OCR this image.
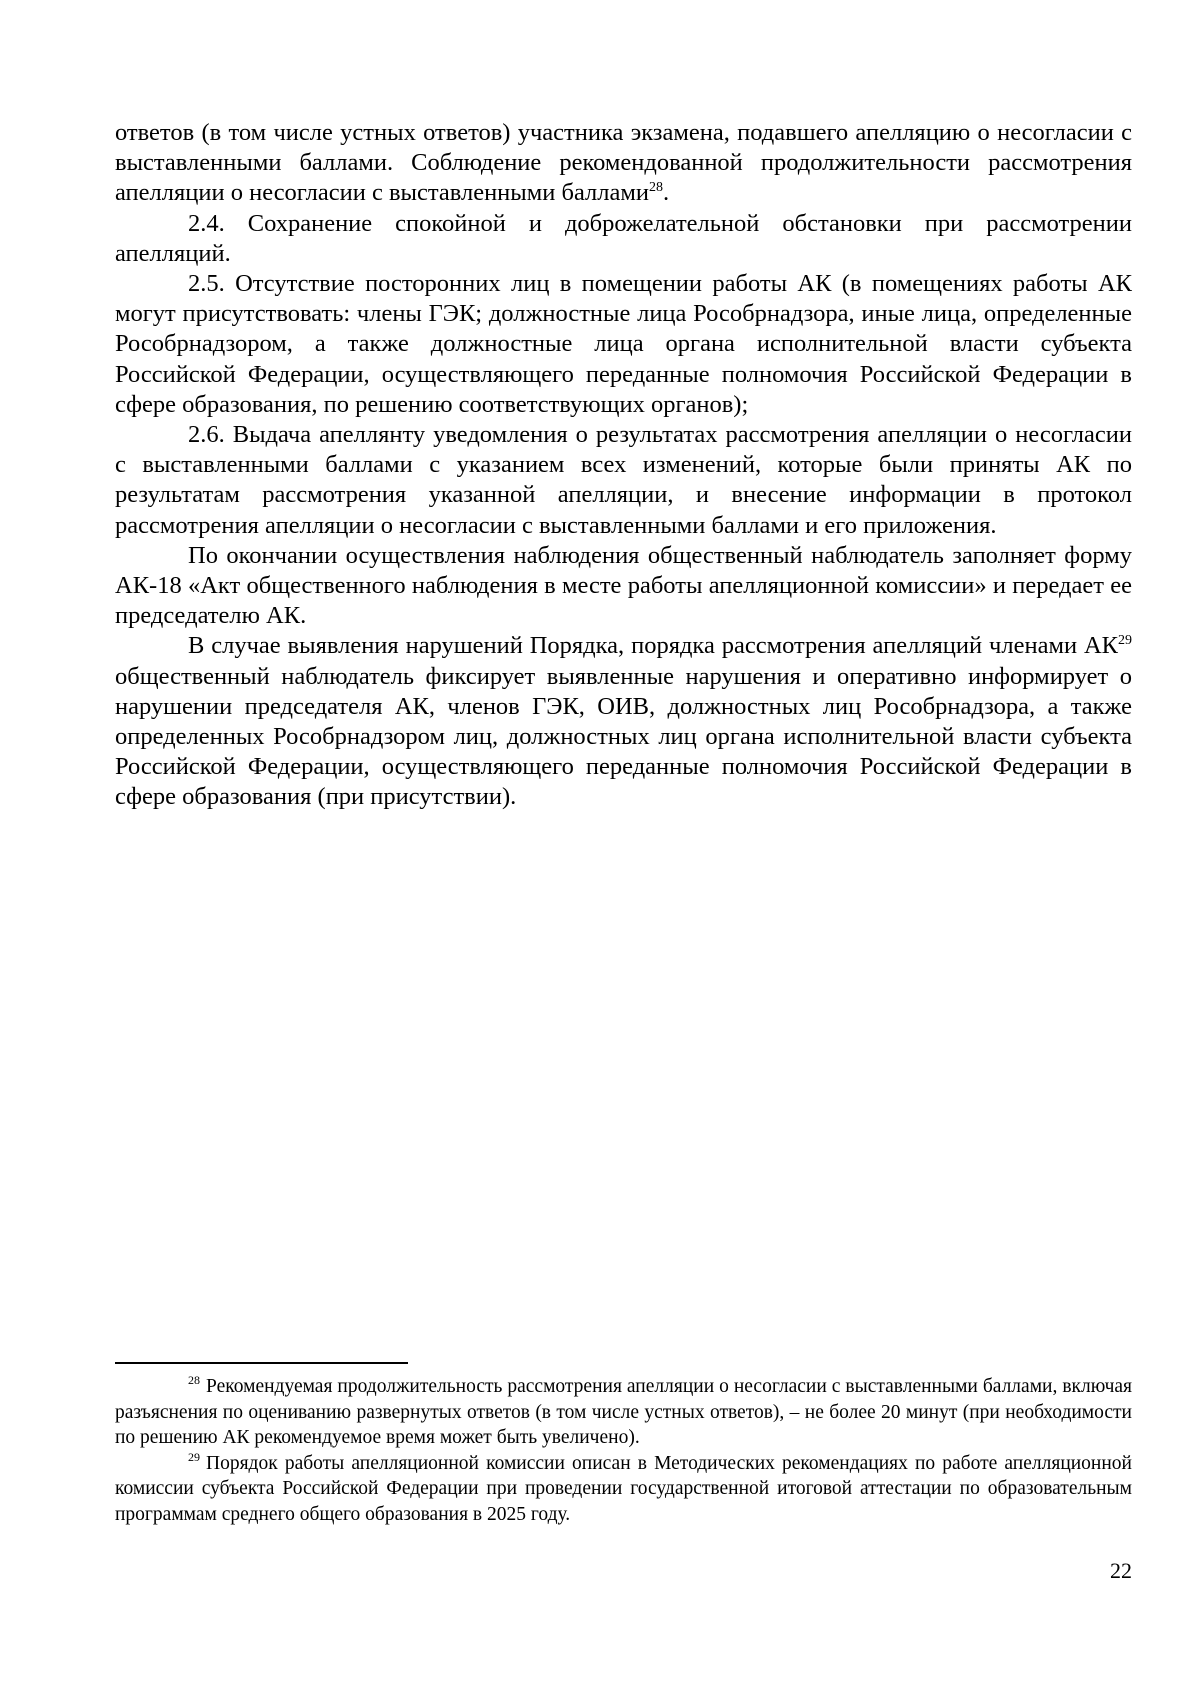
ответов (в том числе устных ответов) участника экзамена, подавшего апелляцию о несогласии с выставленными баллами. Соблюдение рекомендованной продолжительности рассмотрения апелляции о несогласии с выставленными баллами$^{28}$.

2.4. Сохранение спокойной и доброжелательной обстановки при рассмотрении апелляций.

2.5. Отсутствие посторонних лиц в помещении работы АК (в помещениях работы АК могут присутствовать: члены ГЭК; должностные лица Рособрнадзора, иные лица, определенные Рособрнадзором, а также должностные лица органа исполнительной власти субъекта Российской Федерации, осуществляющего переданные полномочия Российской Федерации в сфере образования, по решению соответствующих органов);

2.6. Выдача апеллянту уведомления о результатах рассмотрения апелляции о несогласии с выставленными баллами с указанием всех изменений, которые были приняты АК по результатам рассмотрения указанной апелляции, и внесение информации в протокол рассмотрения апелляции о несогласии с выставленными баллами и его приложения.

По окончании осуществления наблюдения общественный наблюдатель заполняет форму АК-18 «Акт общественного наблюдения в месте работы апелляционной комиссии» и передает ее председателю АК.

В случае выявления нарушений Порядка, порядка рассмотрения апелляций членами АК$^{29}$ общественный наблюдатель фиксирует выявленные нарушения и оперативно информирует о нарушении председателя АК, членов ГЭК, ОИВ, должностных лиц Рособрнадзора, а также определенных Рособрнадзором лиц, должностных лиц органа исполнительной власти субъекта Российской Федерации, осуществляющего переданные полномочия Российской Федерации в сфере образования (при присутствии).

$^{28}$ Рекомендуемая продолжительность рассмотрения апелляции о несогласии с выставленными баллами, включая разъяснения по оцениванию развернутых ответов (в том числе устных ответов), – не более 20 минут (при необходимости по решению АК рекомендуемое время может быть увеличено).

$^{29}$ Порядок работы апелляционной комиссии описан в Методических рекомендациях по работе апелляционной комиссии субъекта Российской Федерации при проведении государственной итоговой аттестации по образовательным программам среднего общего образования в 2025 году.

22
